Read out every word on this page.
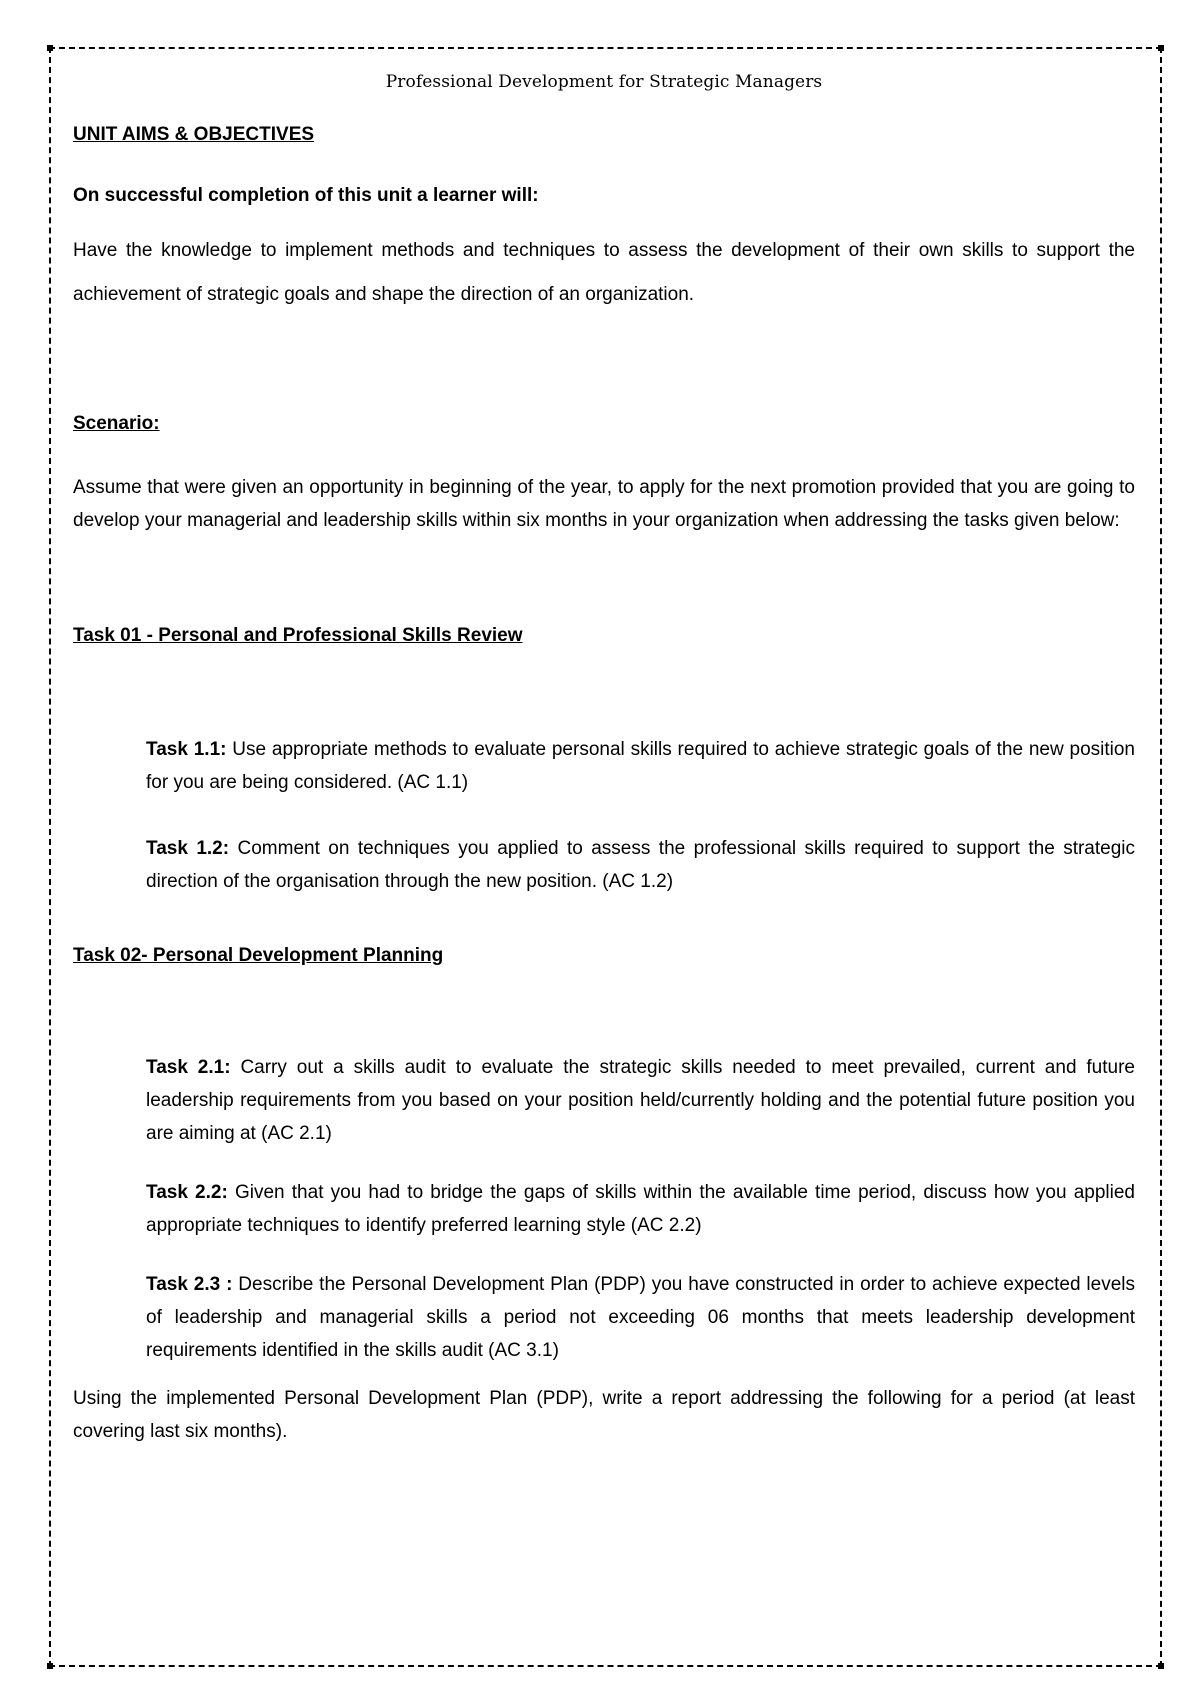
Professional Development for Strategic Managers
UNIT AIMS & OBJECTIVES
On successful completion of this unit a learner will:

Have the knowledge to implement methods and techniques to assess the development of their own skills to support the achievement of strategic goals and shape the direction of an organization.

Scenario:

Assume that were given an opportunity in beginning of the year, to apply for the next promotion provided that you are going to develop your managerial and leadership skills within six months in your organization when addressing the tasks given below:

Task 01 - Personal and Professional Skills Review

Task 1.1: Use appropriate methods to evaluate personal skills required to achieve strategic goals of the new position for you are being considered. (AC 1.1)

Task 1.2: Comment on techniques you applied to assess the professional skills required to support the strategic direction of the organisation through the new position. (AC 1.2)

Task 02- Personal Development Planning

Task 2.1: Carry out a skills audit to evaluate the strategic skills needed to meet prevailed, current and future leadership requirements from you based on your position held/currently holding and the potential future position you are aiming at (AC 2.1)

Task 2.2: Given that you had to bridge the gaps of skills within the available time period, discuss how you applied appropriate techniques to identify preferred learning style (AC 2.2)

Task 2.3 : Describe the Personal Development Plan (PDP) you have constructed in order to achieve expected levels of leadership and managerial skills a period not exceeding 06 months that meets leadership development requirements identified in the skills audit (AC 3.1)

Using the implemented Personal Development Plan (PDP), write a report addressing the following for a period (at least covering last six months).
